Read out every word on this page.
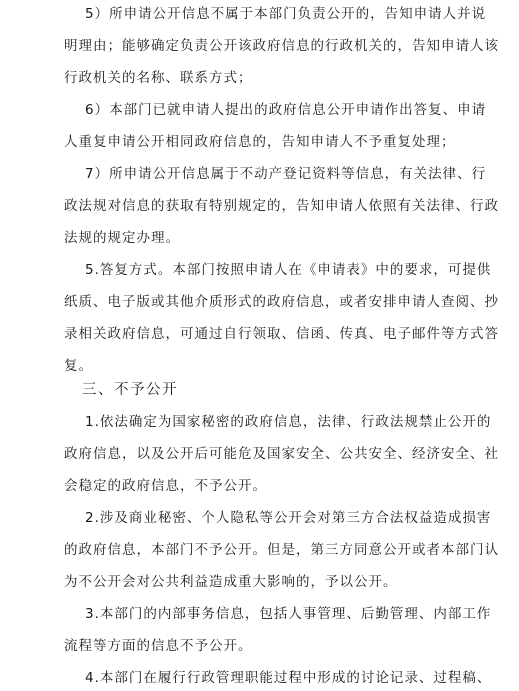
5）所申请公开信息不属于本部门负责公开的，告知申请人并说
明理由；能够确定负责公开该政府信息的行政机关的，告知申请人该
行政机关的名称、联系方式；
6）本部门已就申请人提出的政府信息公开申请作出答复、申请
人重复申请公开相同政府信息的，告知申请人不予重复处理；
7）所申请公开信息属于不动产登记资料等信息，有关法律、行
政法规对信息的获取有特别规定的，告知申请人依照有关法律、行政
法规的规定办理。
5.答复方式。本部门按照申请人在《申请表》中的要求，可提供
纸质、电子版或其他介质形式的政府信息，或者安排申请人查阅、抄
录相关政府信息，可通过自行领取、信函、传真、电子邮件等方式答
复。
三、不予公开
1.依法确定为国家秘密的政府信息，法律、行政法规禁止公开的
政府信息，以及公开后可能危及国家安全、公共安全、经济安全、社
会稳定的政府信息，不予公开。
2.涉及商业秘密、个人隐私等公开会对第三方合法权益造成损害
的政府信息，本部门不予公开。但是，第三方同意公开或者本部门认
为不公开会对公共利益造成重大影响的，予以公开。
3.本部门的内部事务信息，包括人事管理、后勤管理、内部工作
流程等方面的信息不予公开。
4.本部门在履行行政管理职能过程中形成的讨论记录、过程稿、
